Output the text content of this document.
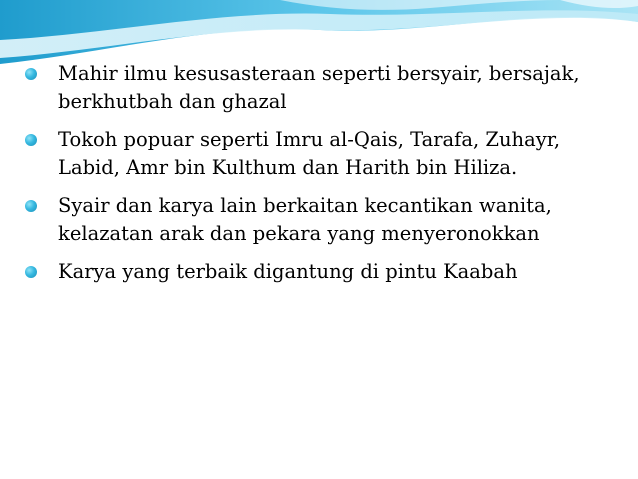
Mahir ilmu kesusasteraan seperti bersyair, bersajak, berkhutbah dan ghazal
Tokoh popuar seperti Imru al-Qais, Tarafa, Zuhayr, Labid, Amr bin Kulthum dan Harith bin Hiliza.
Syair dan karya lain berkaitan kecantikan wanita, kelazatan arak dan pekara yang menyeronokkan
Karya yang terbaik digantung di pintu Kaabah
